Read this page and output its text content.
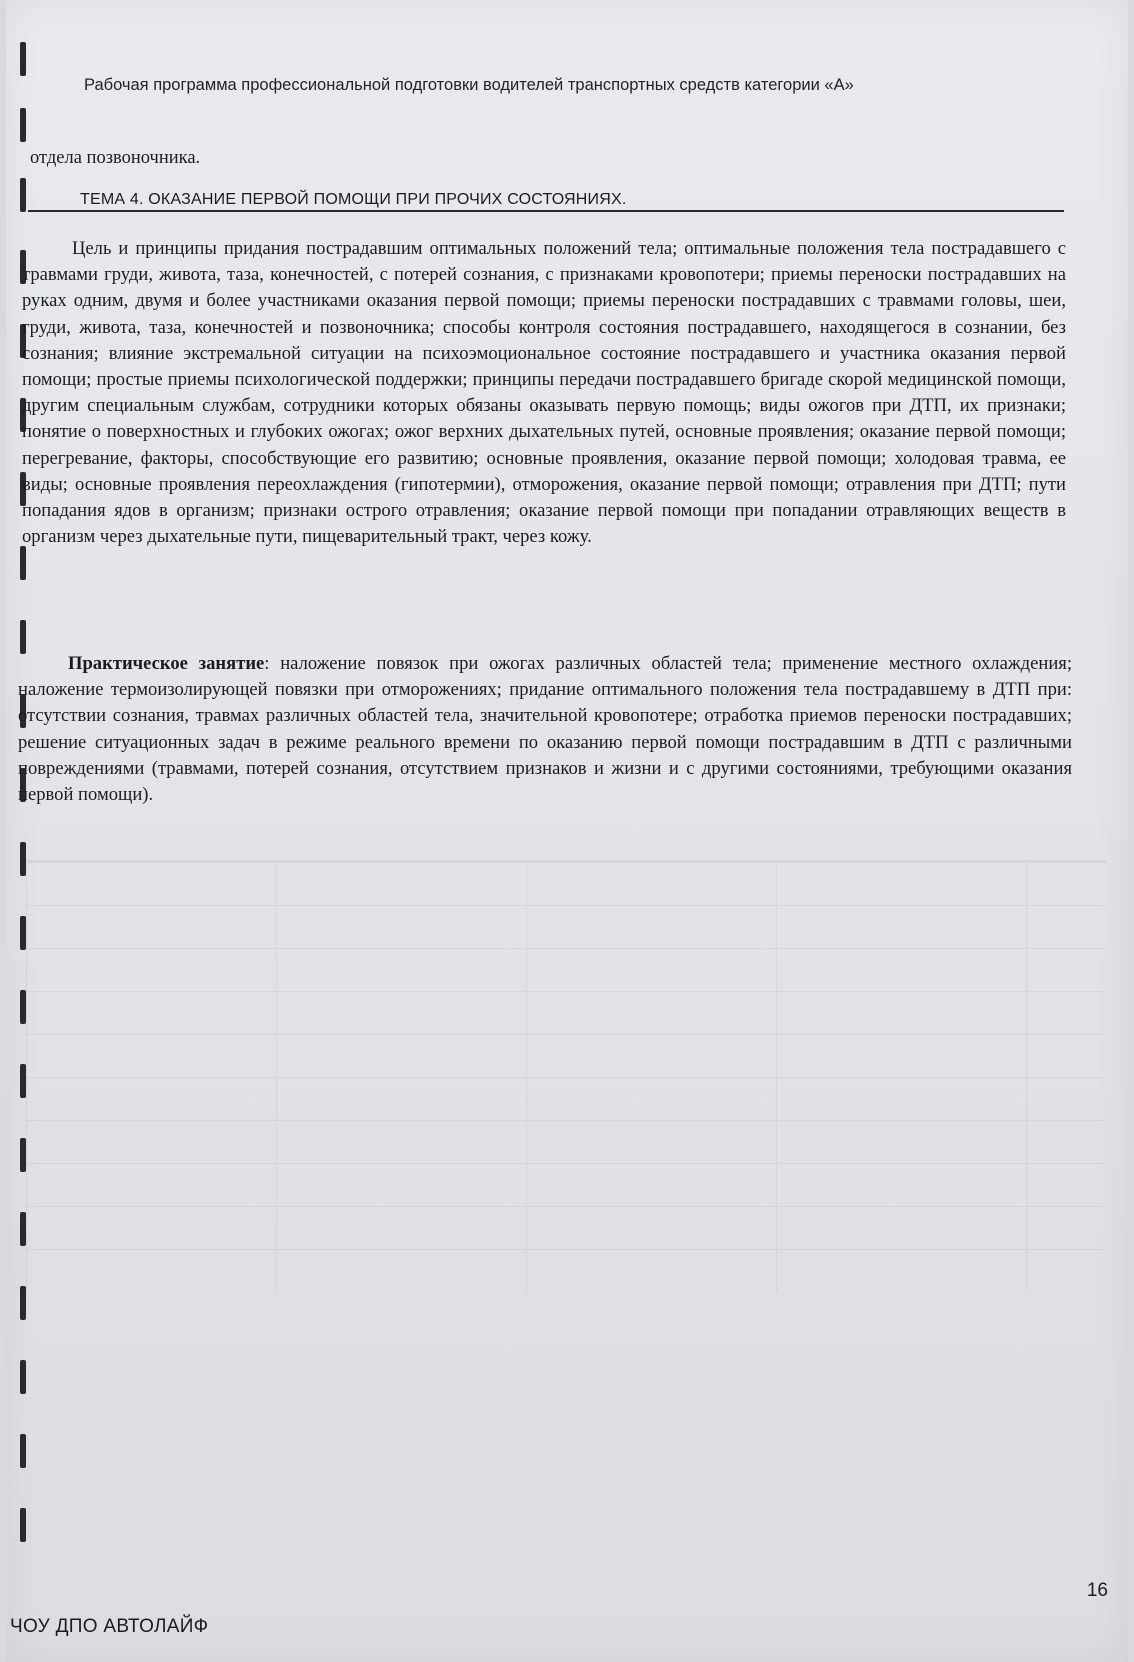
Рабочая программа профессиональной подготовки водителей транспортных средств категории «А»
отдела позвоночника.
ТЕМА 4. ОКАЗАНИЕ ПЕРВОЙ ПОМОЩИ ПРИ ПРОЧИХ СОСТОЯНИЯХ.

Цель и принципы придания пострадавшим оптимальных положений тела; оптимальные положения тела пострадавшего с травмами груди, живота, таза, конечностей, с потерей сознания, с признаками кровопотери; приемы переноски пострадавших на руках одним, двумя и более участниками оказания первой помощи; приемы переноски пострадавших с травмами головы, шеи, груди, живота, таза, конечностей и позвоночника; способы контроля состояния пострадавшего, находящегося в сознании, без сознания; влияние экстремальной ситуации на психоэмоциональное состояние пострадавшего и участника оказания первой помощи; простые приемы психологической поддержки; принципы передачи пострадавшего бригаде скорой медицинской помощи, другим специальным службам, сотрудники которых обязаны оказывать первую помощь; виды ожогов при ДТП, их признаки; понятие о поверхностных и глубоких ожогах; ожог верхних дыхательных путей, основные проявления; оказание первой помощи; перегревание, факторы, способствующие его развитию; основные проявления, оказание первой помощи; холодовая травма, ее виды; основные проявления переохлаждения (гипотермии), отморожения, оказание первой помощи; отравления при ДТП; пути попадания ядов в организм; признаки острого отравления; оказание первой помощи при попадании отравляющих веществ в организм через дыхательные пути, пищеварительный тракт, через кожу.

Практическое занятие: наложение повязок при ожогах различных областей тела; применение местного охлаждения; наложение термоизолирующей повязки при отморожениях; придание оптимального положения тела пострадавшему в ДТП при: отсутствии сознания, травмах различных областей тела, значительной кровопотере; отработка приемов переноски пострадавших; решение ситуационных задач в режиме реального времени по оказанию первой помощи пострадавшим в ДТП с различными повреждениями (травмами, потерей сознания, отсутствием признаков и жизни и с другими состояниями, требующими оказания первой помощи).

16
ЧОУ ДПО АВТОЛАЙФ
